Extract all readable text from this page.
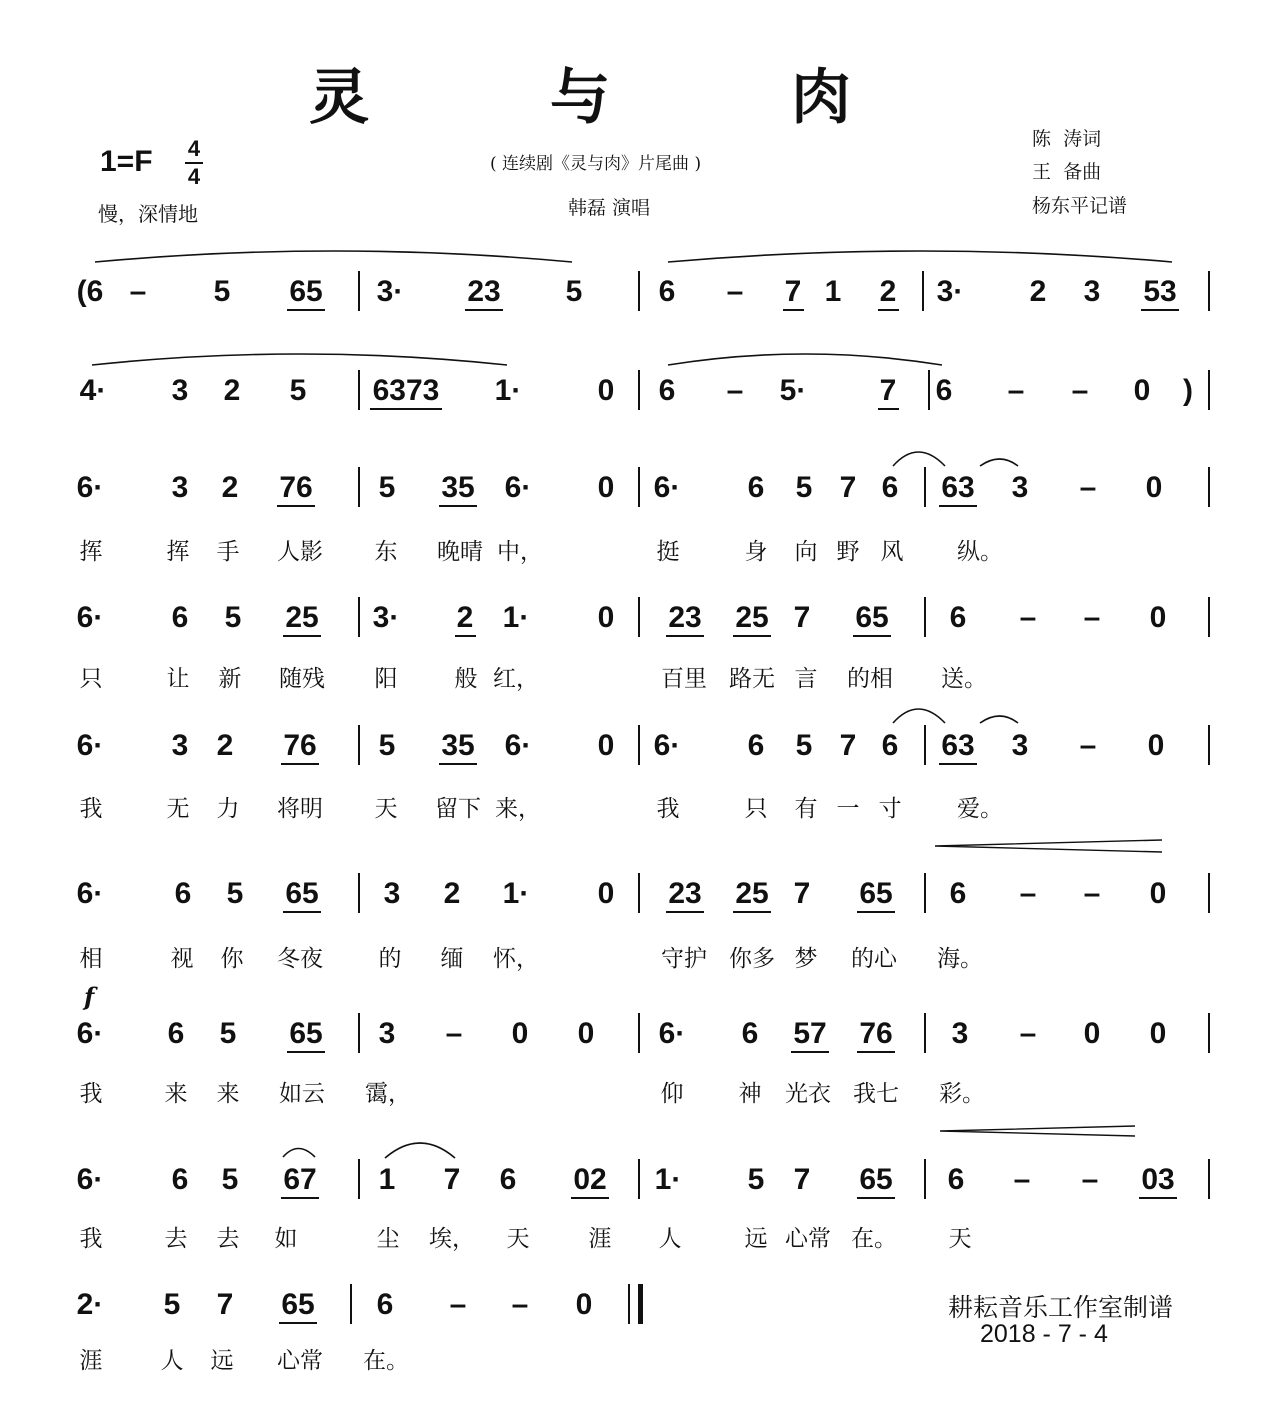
灵 与 肉
1=F 4
4
慢，深情地
( 连续剧《灵与肉》片尾曲 )
韩磊 演唱
陈  涛词
王  备曲
杨东平记谱
(6 – 5 65 3· 23 5	6 – 7 1 2 3· 2 3 53
4· 3 2 5 6373 1·	0 6 – 5· 7 6 – – 0 )
6· 3 2 76 5 35 6· 0 6· 6 5 7 6 63 3 – 0
挥	挥 手 人影 东 晚晴 中，	挺	身 向 野 风 纵。
6· 6 5 25 3· 2 1· 0 23 25 7 65 6 – – 0
只	让 新 随残 阳 般 红，	百里 路无 言 的相 送。
6· 3 2 76 5 35 6· 0 6· 6 5 7 6 63 3 – 0
我	无 力 将明 天 留下 来，	我	只 有 一 寸 爱。
6· 6 5 65 3 2 1· 0 23 25 7 65 6 – – 0
相	视 你 冬夜 的 缅 怀，	守护 你多 梦 的心 海。
6· 6 5 65 3 – 0 0 6· 6 57 76 3 – 0 0
我	来 来 如云 霭，	仰 神 光衣 我七 彩。
6· 6 5 67 1 7 6 02 1· 5 7 65 6 – – 03
我	去 去 如	尘 埃， 天	涯 人	远 心常 在。 天
2· 5 7 65 6 – – 0
涯	人 远 心常 在。
f
耕耘音乐工作室制谱
2018 - 7 - 4
